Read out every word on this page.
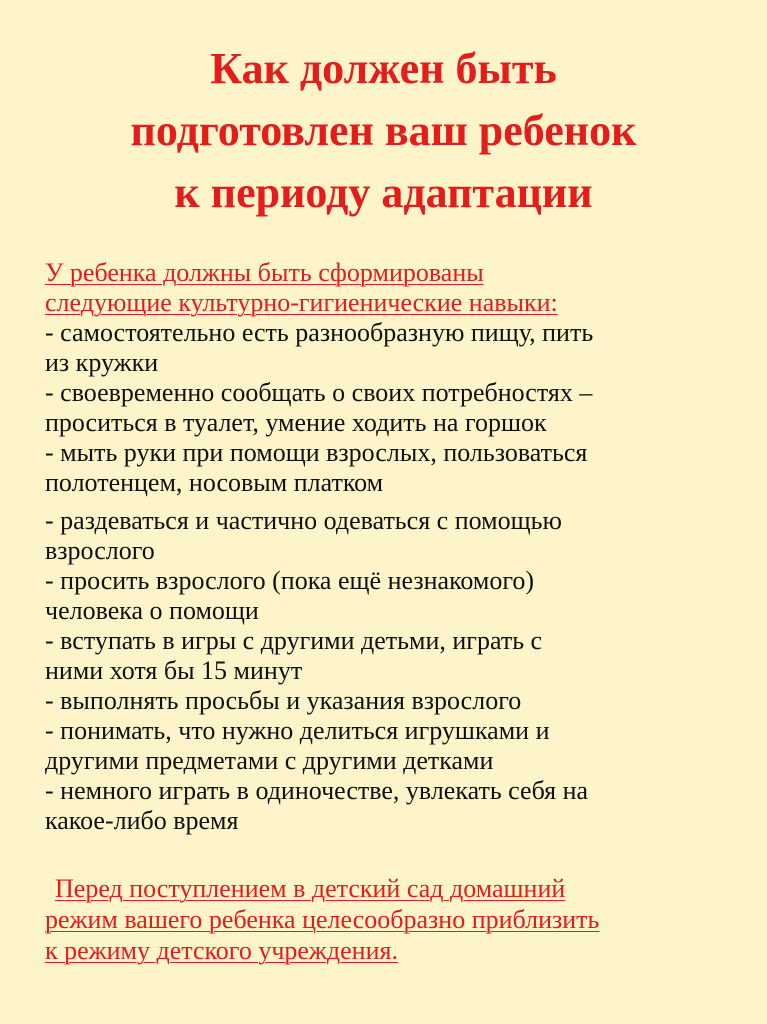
Как должен быть
подготовлен ваш ребенок
к периоду адаптации
У ребенка должны быть сформированы
следующие культурно-гигиенические навыки:
- самостоятельно есть разнообразную пищу, пить
из кружки
- своевременно сообщать о своих потребностях –
проситься в туалет, умение ходить на горшок
- мыть руки при помощи взрослых, пользоваться
полотенцем, носовым платком
- раздеваться и частично одеваться с помощью
взрослого
- просить взрослого (пока ещё незнакомого)
человека о помощи
- вступать в игры с другими детьми, играть с
ними хотя бы 15 минут
- выполнять просьбы и указания взрослого
- понимать, что нужно делиться игрушками и
другими предметами с другими детками
- немного играть в одиночестве, увлекать себя на
какое-либо время
Перед поступлением в детский сад домашний
режим вашего ребенка целесообразно приблизить
к режиму детского учреждения.
